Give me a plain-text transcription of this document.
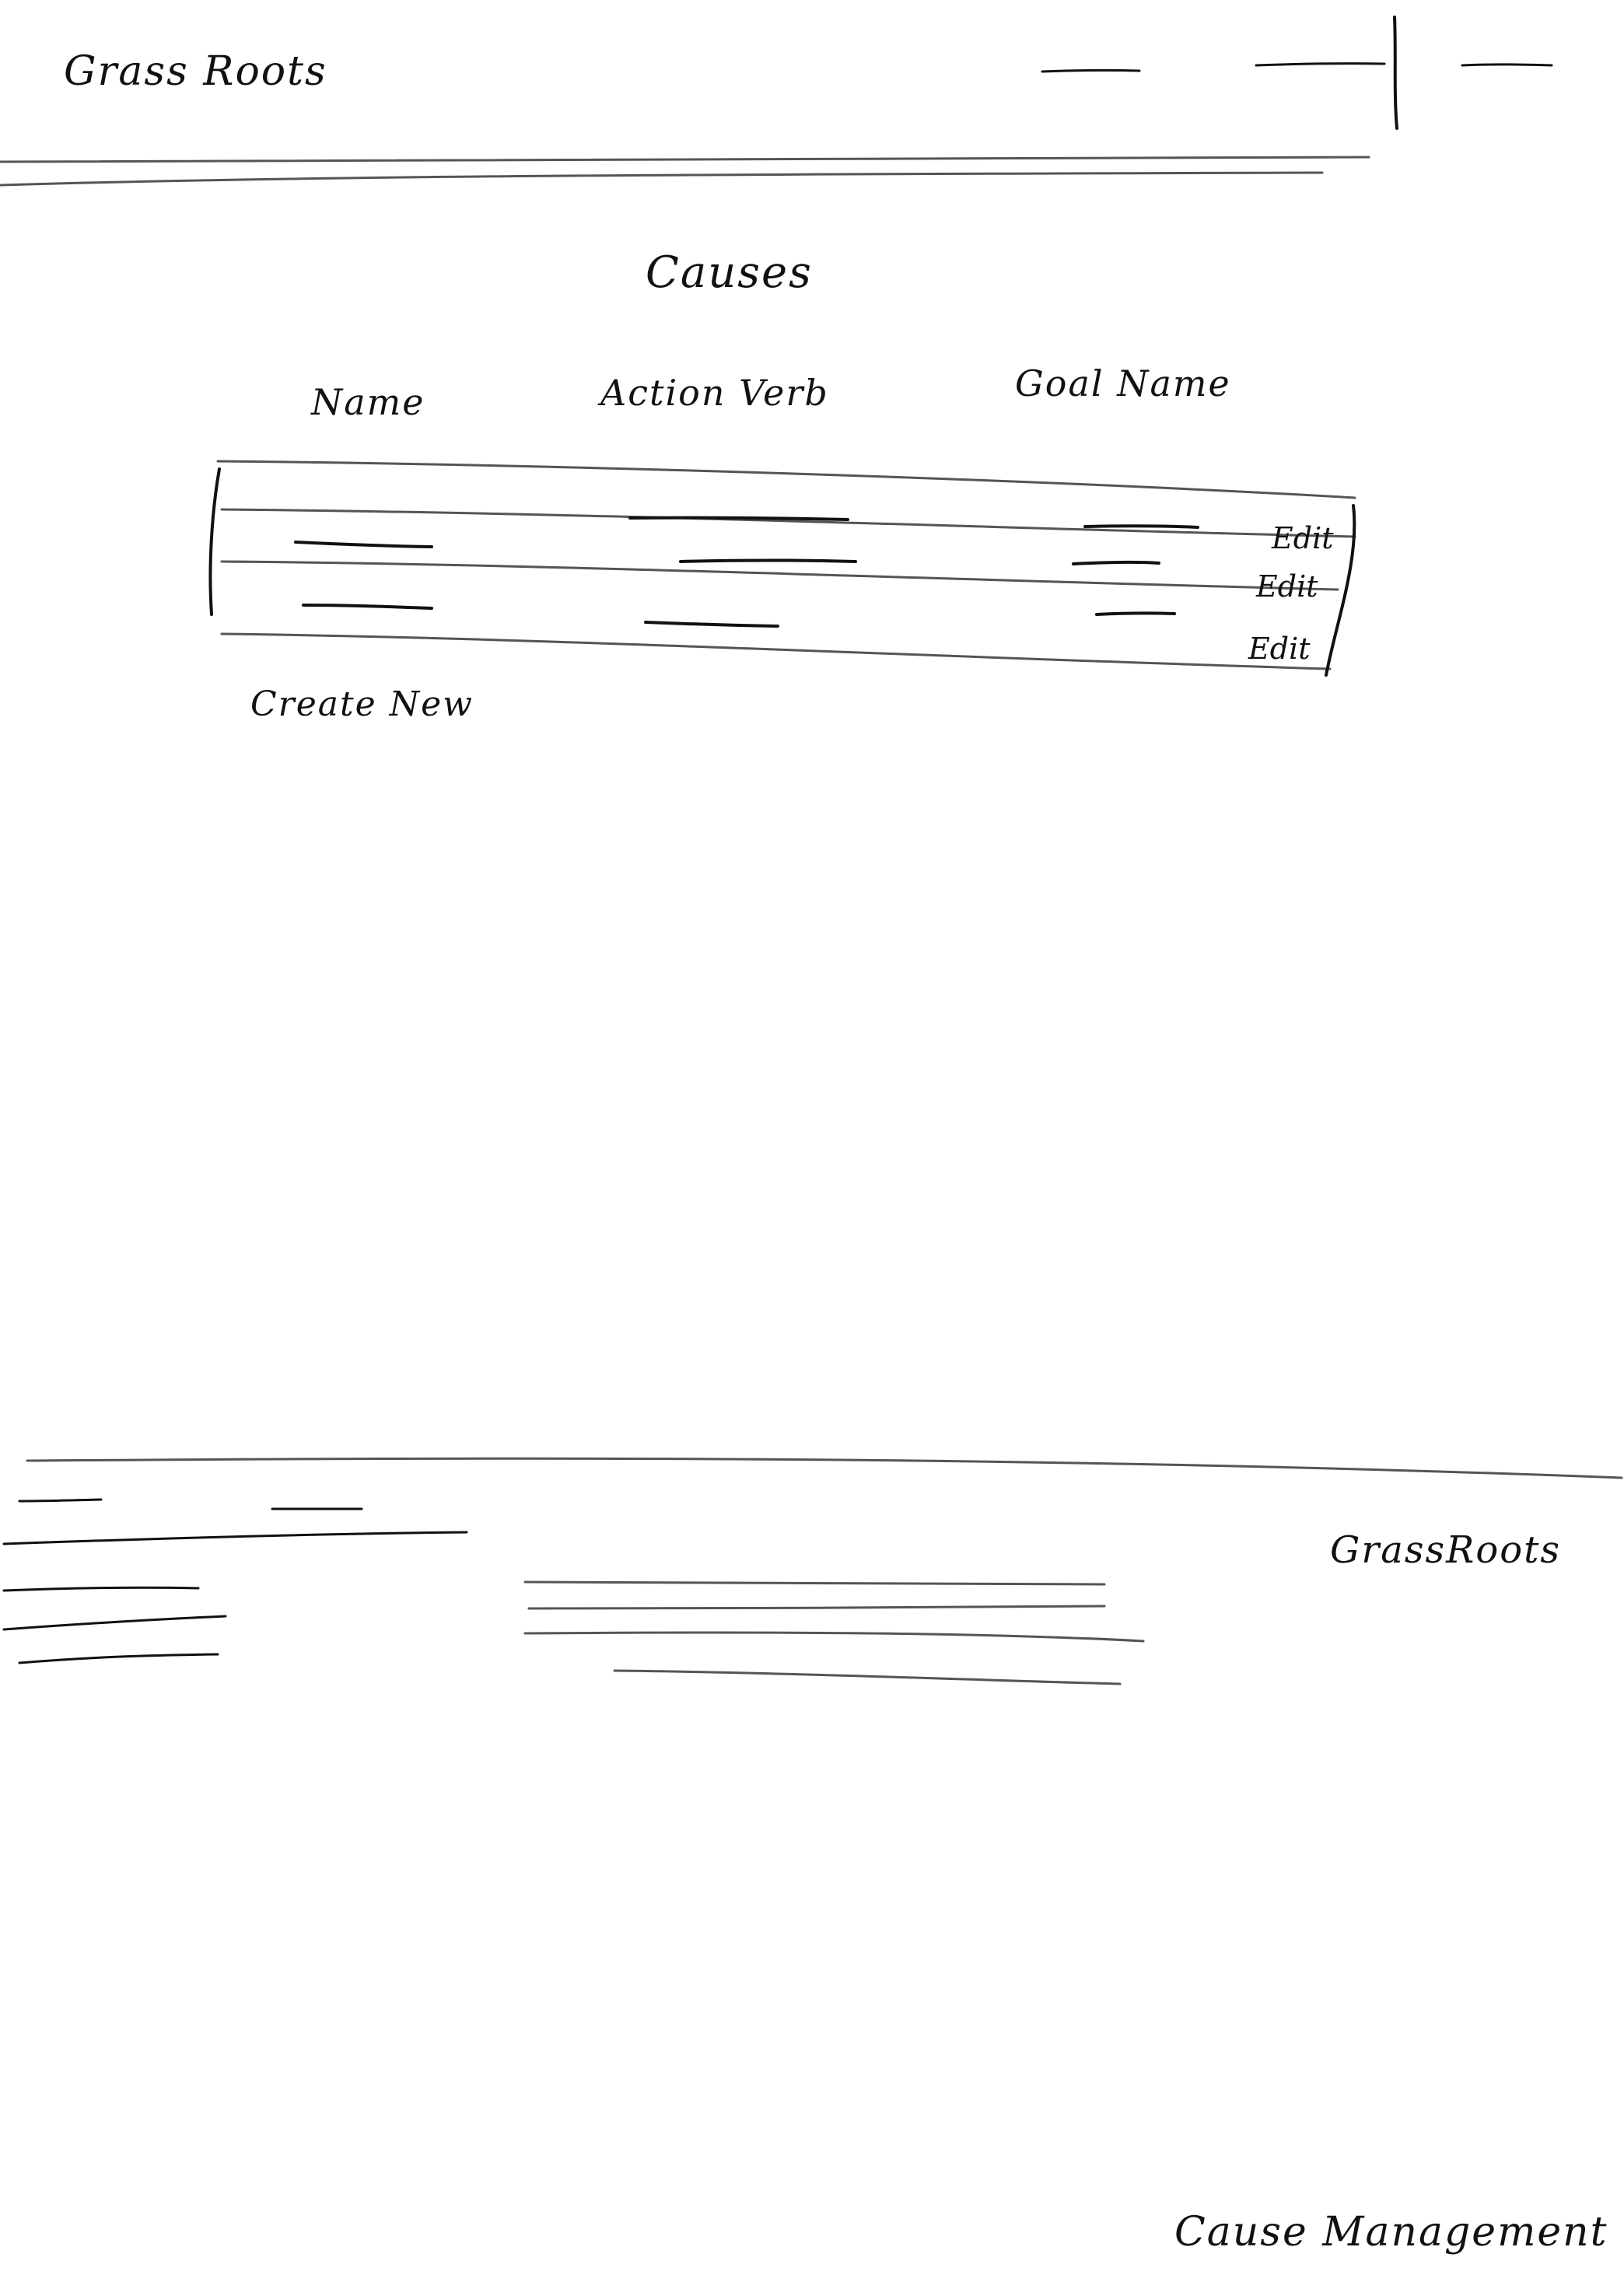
Grass Roots
Causes
Name	Action Verb	Goal Name
Edit
Edit
Edit
Create New
GrassRoots
Cause Management
